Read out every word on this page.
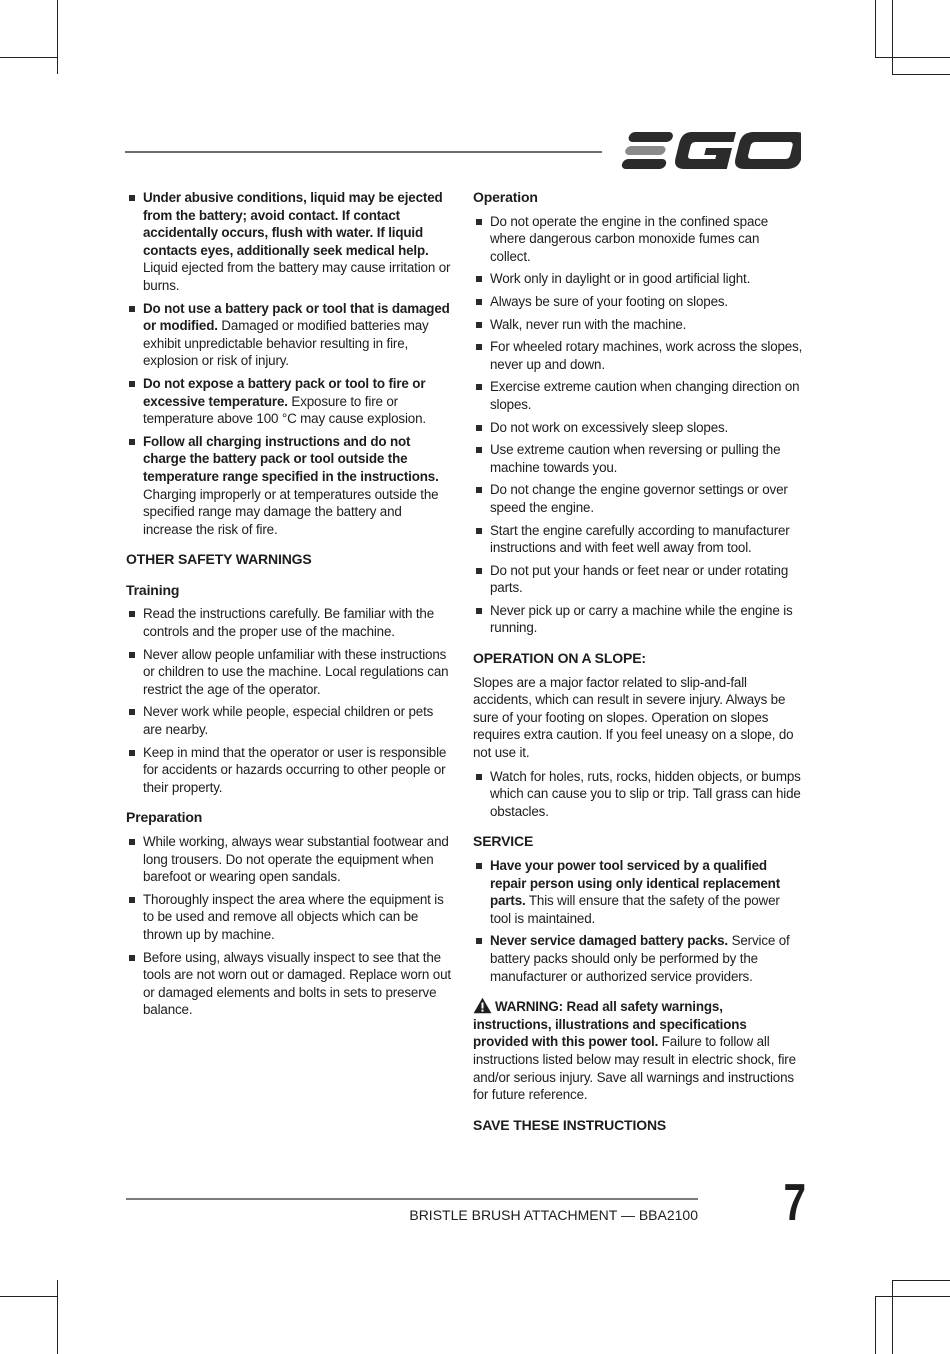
Under abusive conditions, liquid may be ejected from the battery; avoid contact. If contact accidentally occurs, flush with water. If liquid contacts eyes, additionally seek medical help. Liquid ejected from the battery may cause irritation or burns.
Do not use a battery pack or tool that is damaged or modified. Damaged or modified batteries may exhibit unpredictable behavior resulting in fire, explosion or risk of injury.
Do not expose a battery pack or tool to fire or excessive temperature. Exposure to fire or temperature above 100 °C may cause explosion.
Follow all charging instructions and do not charge the battery pack or tool outside the temperature range specified in the instructions. Charging improperly or at temperatures outside the specified range may damage the battery and increase the risk of fire.

OTHER SAFETY WARNINGS

Training

Read the instructions carefully. Be familiar with the controls and the proper use of the machine.
Never allow people unfamiliar with these instructions or children to use the machine. Local regulations can restrict the age of the operator.
Never work while people, especial children or pets are nearby.
Keep in mind that the operator or user is responsible for accidents or hazards occurring to other people or their property.

Preparation

While working, always wear substantial footwear and long trousers. Do not operate the equipment when barefoot or wearing open sandals.
Thoroughly inspect the area where the equipment is to be used and remove all objects which can be thrown up by machine.
Before using, always visually inspect to see that the tools are not worn out or damaged. Replace worn out or damaged elements and bolts in sets to preserve balance.

Operation

Do not operate the engine in the confined space where dangerous carbon monoxide fumes can collect.
Work only in daylight or in good artificial light.
Always be sure of your footing on slopes.
Walk, never run with the machine.
For wheeled rotary machines, work across the slopes, never up and down.
Exercise extreme caution when changing direction on slopes.
Do not work on excessively sleep slopes.
Use extreme caution when reversing or pulling the machine towards you.
Do not change the engine governor settings or over speed the engine.
Start the engine carefully according to manufacturer instructions and with feet well away from tool.
Do not put your hands or feet near or under rotating parts.
Never pick up or carry a machine while the engine is running.

OPERATION ON A SLOPE:

Slopes are a major factor related to slip-and-fall accidents, which can result in severe injury. Always be sure of your footing on slopes. Operation on slopes requires extra caution. If you feel uneasy on a slope, do not use it.

Watch for holes, ruts, rocks, hidden objects, or bumps which can cause you to slip or trip. Tall grass can hide obstacles.

SERVICE

Have your power tool serviced by a qualified repair person using only identical replacement parts. This will ensure that the safety of the power tool is maintained.
Never service damaged battery packs. Service of battery packs should only be performed by the manufacturer or authorized service providers.

WARNING: Read all safety warnings, instructions, illustrations and specifications provided with this power tool. Failure to follow all instructions listed below may result in electric shock, fire and/or serious injury. Save all warnings and instructions for future reference.

SAVE THESE INSTRUCTIONS

BRISTLE BRUSH ATTACHMENT — BBA2100 7
